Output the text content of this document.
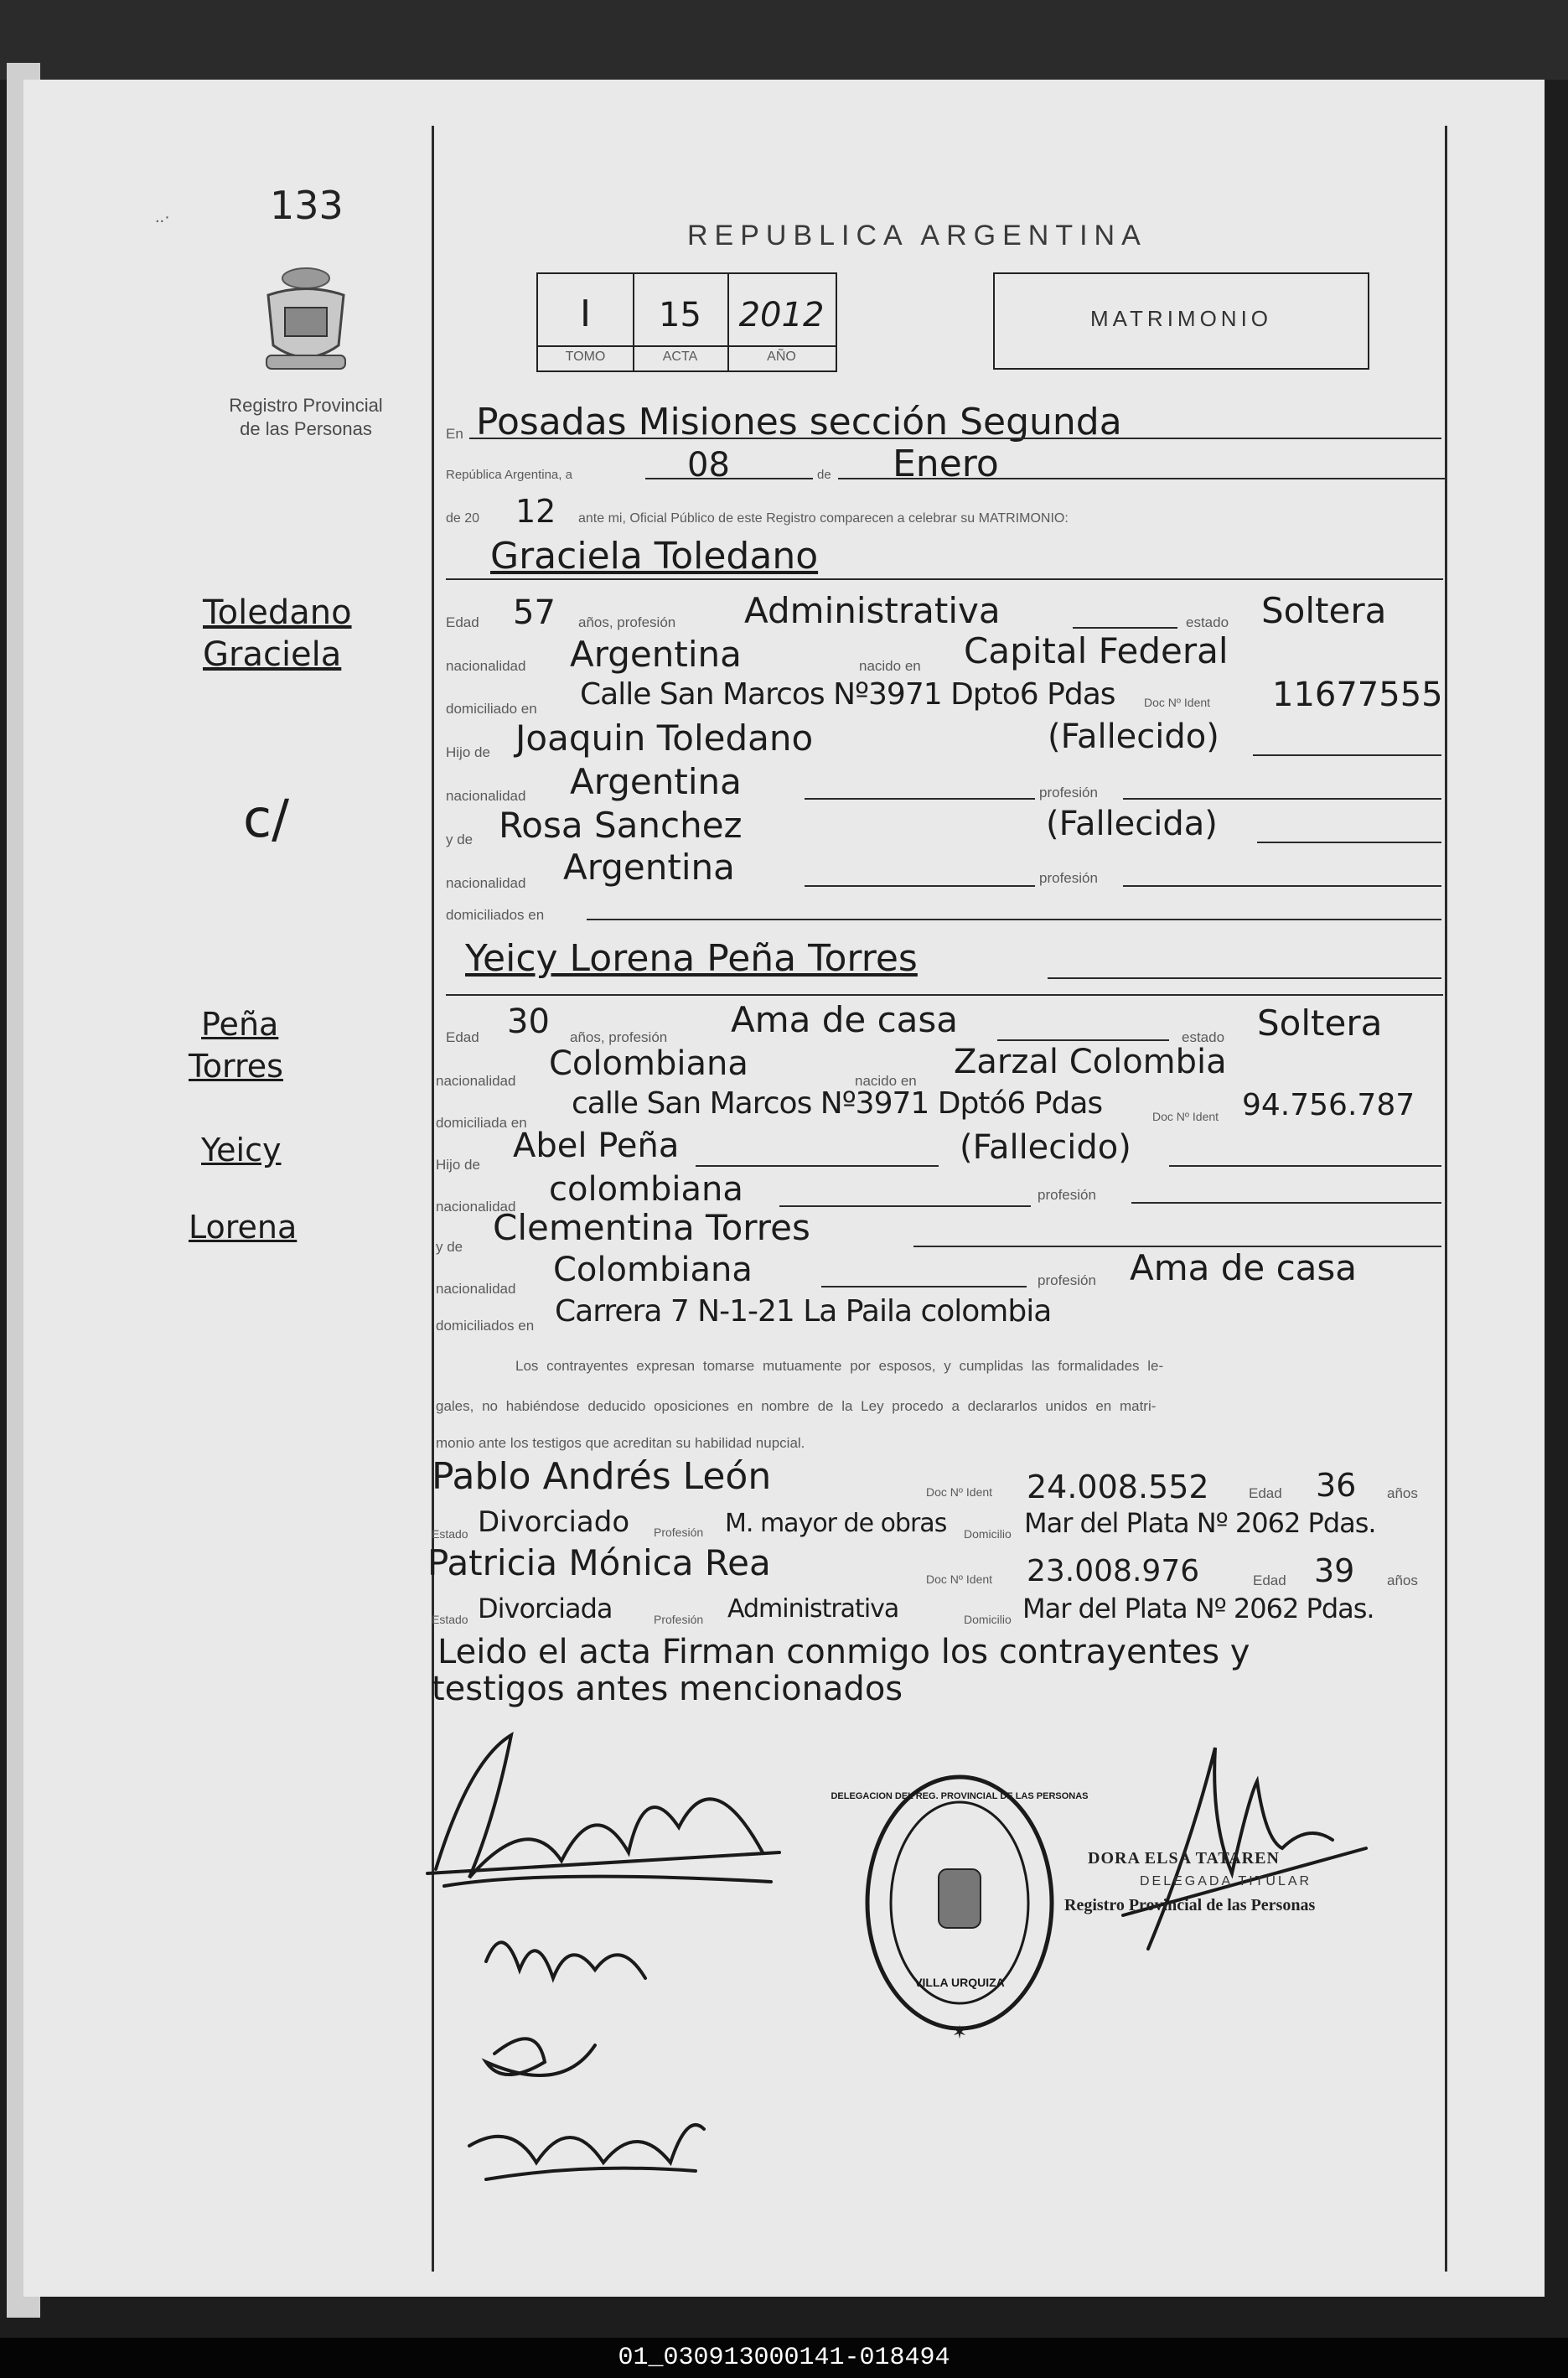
133
..·
Registro Provincial
de las Personas
Toledano
Graciela
c/
Peña
Torres
Yeicy
Lorena
REPUBLICA ARGENTINA
I	15	2012
TOMO	ACTA	AÑO
MATRIMONIO
En Posadas Misiones sección Segunda
República Argentina, a	08	de Enero
de 20 12 ante mi, Oficial Público de este Registro comparecen a celebrar su MATRIMONIO:
Graciela Toledano
Edad 57 años, profesión Administrativa	estado Soltera
nacionalidad Argentina	nacido en Capital Federal
domiciliado en Calle San Marcos Nº3971 Dpto6 Pdas Doc Nº Ident 11677555
Hijo de Joaquin Toledano	(Fallecido)
nacionalidad Argentina	profesión
y de Rosa Sanchez	(Fallecida)
nacionalidad Argentina	profesión
domiciliados en
Yeicy Lorena Peña Torres
Edad 30 años, profesión Ama de casa	estado Soltera
nacionalidad Colombiana	nacido en Zarzal Colombia
domiciliada en
calle San Marcos Nº3971 Dptó6 Pdas	Doc Nº Ident 94.756.787
Hijo de Abel Peña	(Fallecido)
nacionalidad colombiana	profesión
y de Clementina Torres
nacionalidad Colombiana	profesión Ama de casa
domiciliados en Carrera 7 N-1-21 La Paila colombia
Los contrayentes expresan tomarse mutuamente por esposos, y cumplidas las formalidades le-
gales, no habiéndose deducido oposiciones en nombre de la Ley procedo a declararlos unidos en matri-
monio ante los testigos que acreditan su habilidad nupcial.
Pablo Andrés León	Doc Nº Ident 24.008.552	Edad 36 años
Estado Divorciado Profesión M. mayor de obras Domicilio Mar del Plata Nº 2062 Pdas.
Patricia Mónica Rea	Doc Nº Ident 23.008.976	Edad 39 años
Estado Divorciada	Profesión Administrativa	Domicilio Mar del Plata Nº 2062 Pdas.
Leido el acta Firman conmigo los contrayentes y
testigos antes mencionados
VILLA URQUIZA
DELEGACION DEL REG. PROVINCIAL DE LAS PERSONAS
✶
DORA ELSA TATAREN
DELEGADA TITULAR
Registro Provincial de las Personas
01_030913000141-018494
